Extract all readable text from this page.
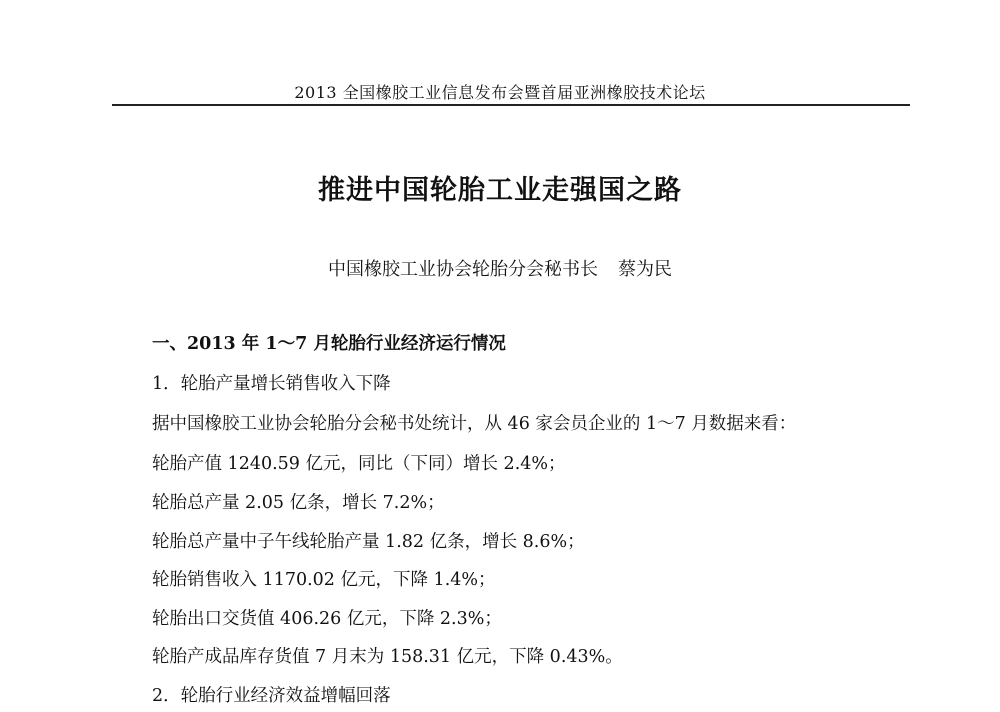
2013 全国橡胶工业信息发布会暨首届亚洲橡胶技术论坛
推进中国轮胎工业走强国之路
中国橡胶工业协会轮胎分会秘书长 蔡为民
一、2013 年 1～7 月轮胎行业经济运行情况
1．轮胎产量增长销售收入下降
据中国橡胶工业协会轮胎分会秘书处统计，从 46 家会员企业的 1～7 月数据来看：
轮胎产值 1240.59 亿元，同比（下同）增长 2.4%；
轮胎总产量 2.05 亿条，增长 7.2%；
轮胎总产量中子午线轮胎产量 1.82 亿条，增长 8.6%；
轮胎销售收入 1170.02 亿元，下降 1.4%；
轮胎出口交货值 406.26 亿元，下降 2.3%；
轮胎产成品库存货值 7 月末为 158.31 亿元，下降 0.43%。
2．轮胎行业经济效益增幅回落
